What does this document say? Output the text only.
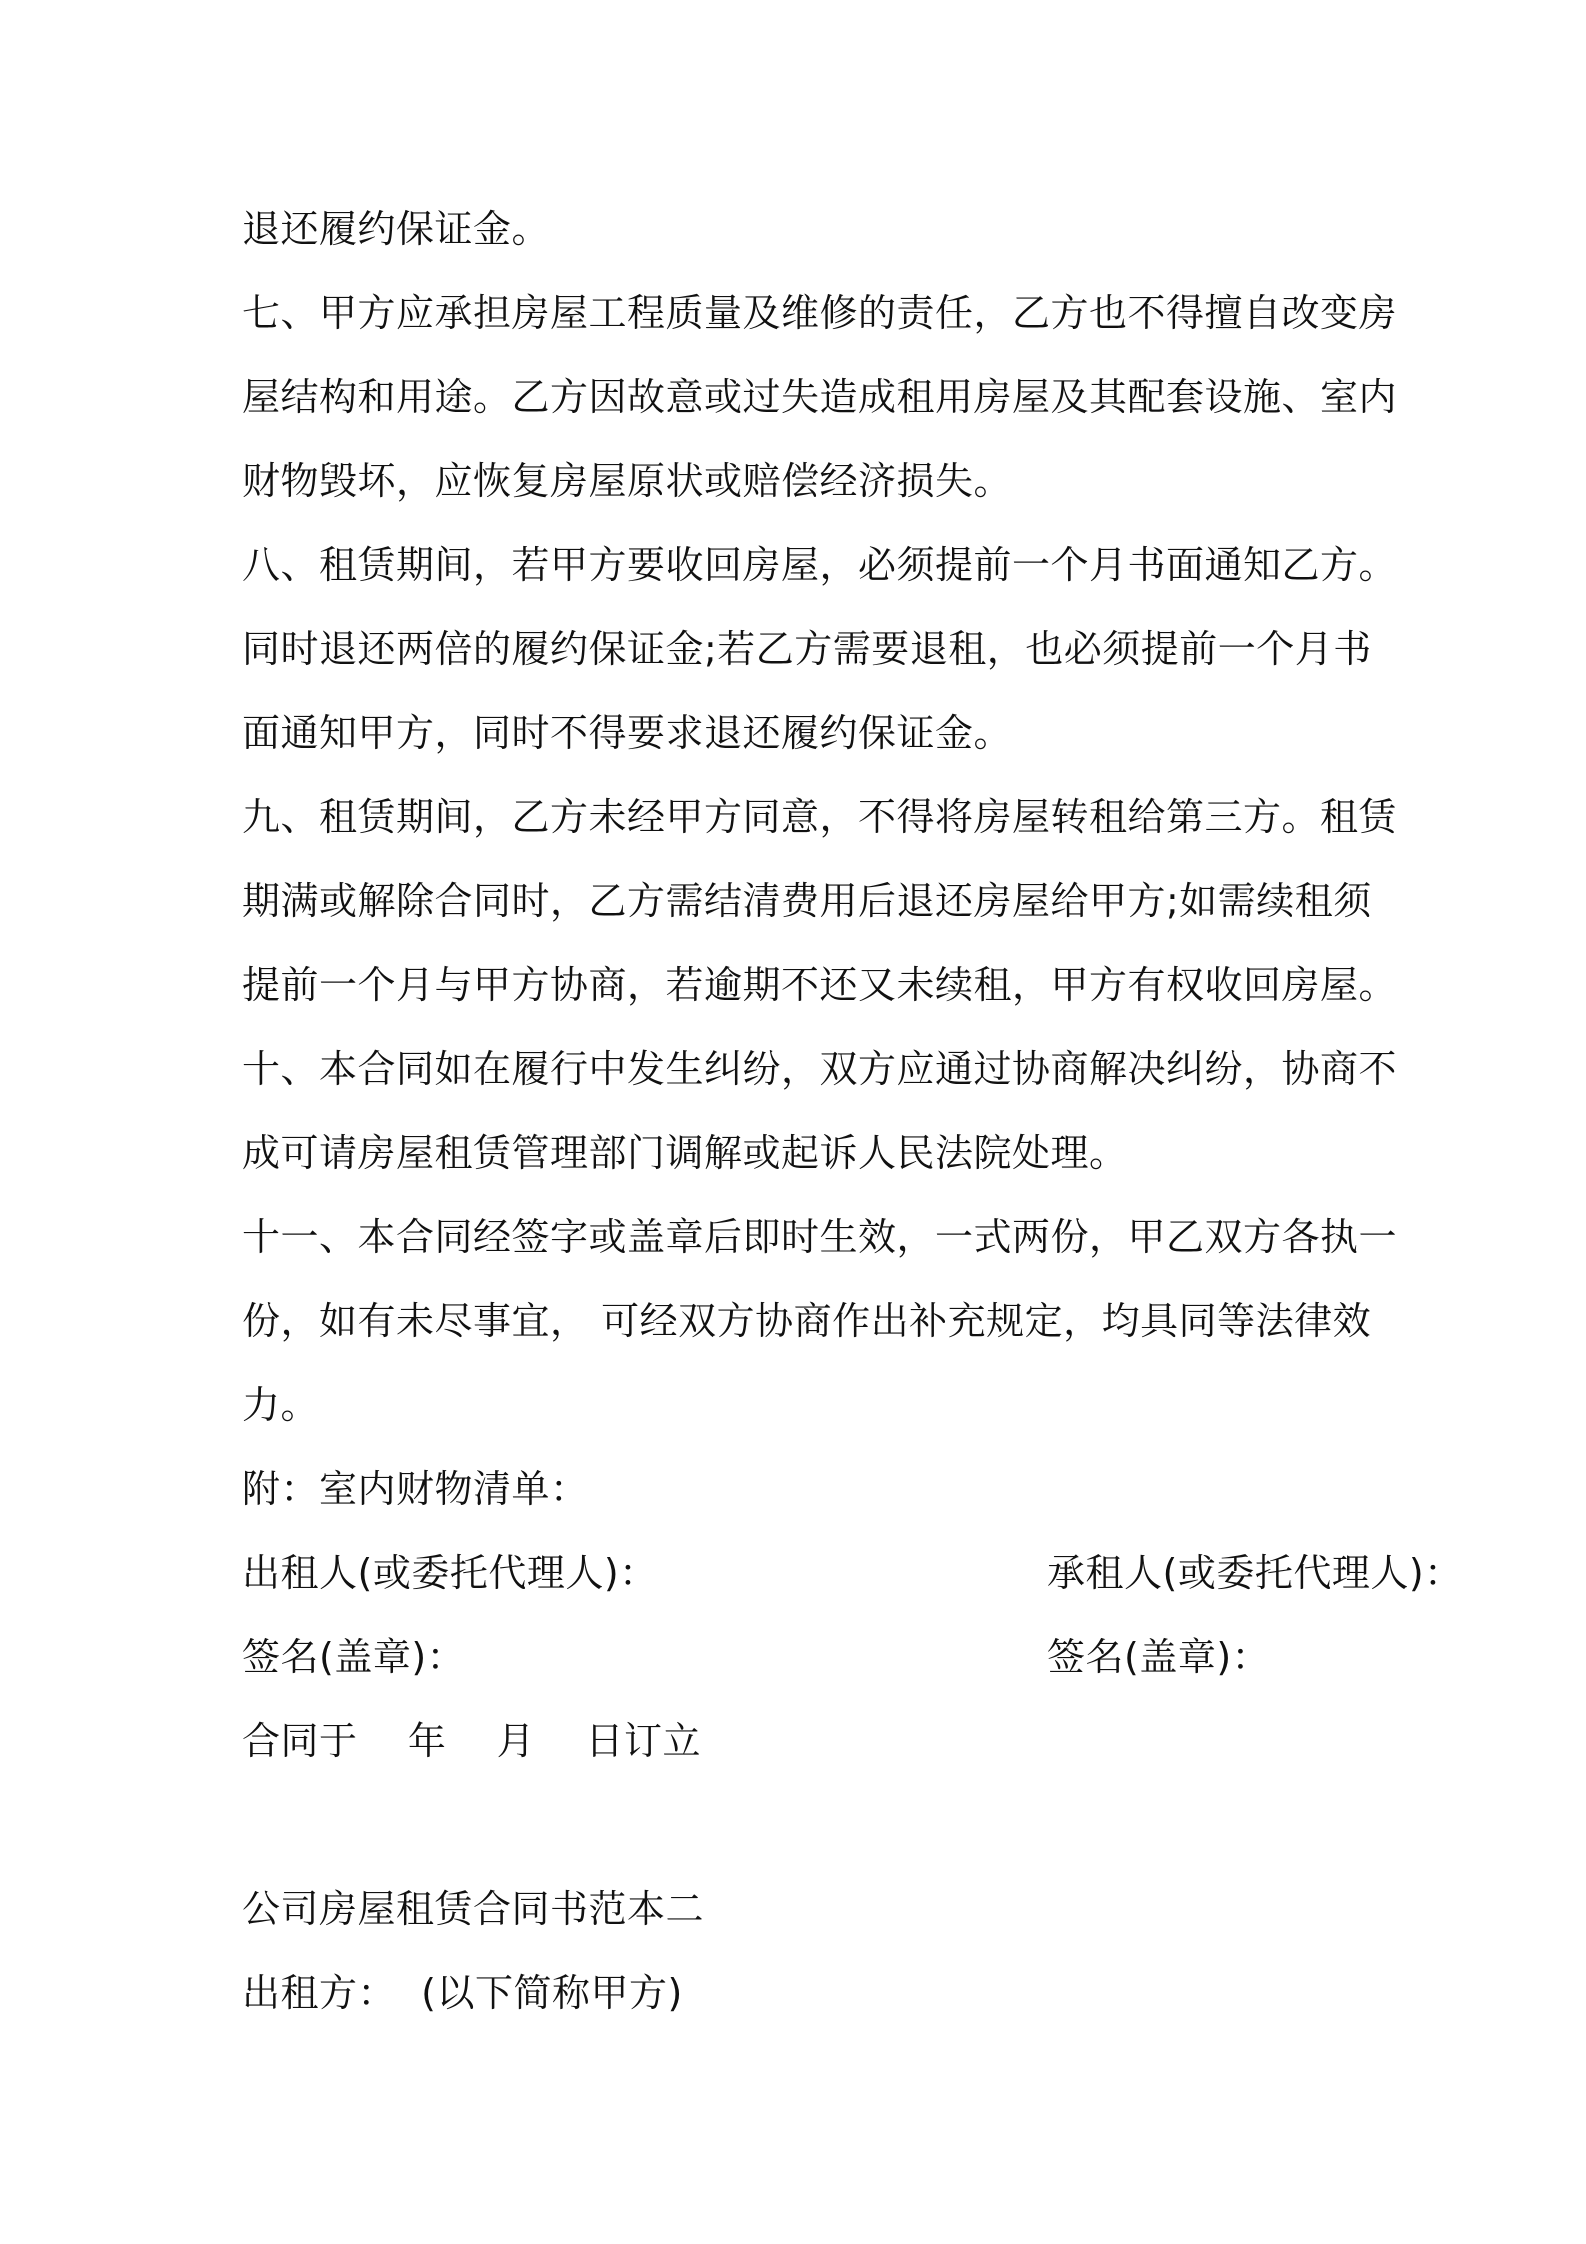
退还履约保证金。
七、甲方应承担房屋工程质量及维修的责任，乙方也不得擅自改变房
屋结构和用途。乙方因故意或过失造成租用房屋及其配套设施、室内
财物毁坏，应恢复房屋原状或赔偿经济损失。
八、租赁期间，若甲方要收回房屋，必须提前一个月书面通知乙方。
同时退还两倍的履约保证金;若乙方需要退租，也必须提前一个月书
面通知甲方，同时不得要求退还履约保证金。
九、租赁期间，乙方未经甲方同意，不得将房屋转租给第三方。租赁
期满或解除合同时，乙方需结清费用后退还房屋给甲方;如需续租须
提前一个月与甲方协商，若逾期不还又未续租，甲方有权收回房屋。
十、本合同如在履行中发生纠纷，双方应通过协商解决纠纷，协商不
成可请房屋租赁管理部门调解或起诉人民法院处理。
十一、本合同经签字或盖章后即时生效，一式两份，甲乙双方各执一
份，如有未尽事宜， 可经双方协商作出补充规定，均具同等法律效
力。
附：室内财物清单：
出租人(或委托代理人)：	承租人(或委托代理人)：
签名(盖章)：	签名(盖章)：
合同于    年    月    日订立
公司房屋租赁合同书范本二
出租方：  (以下简称甲方)
